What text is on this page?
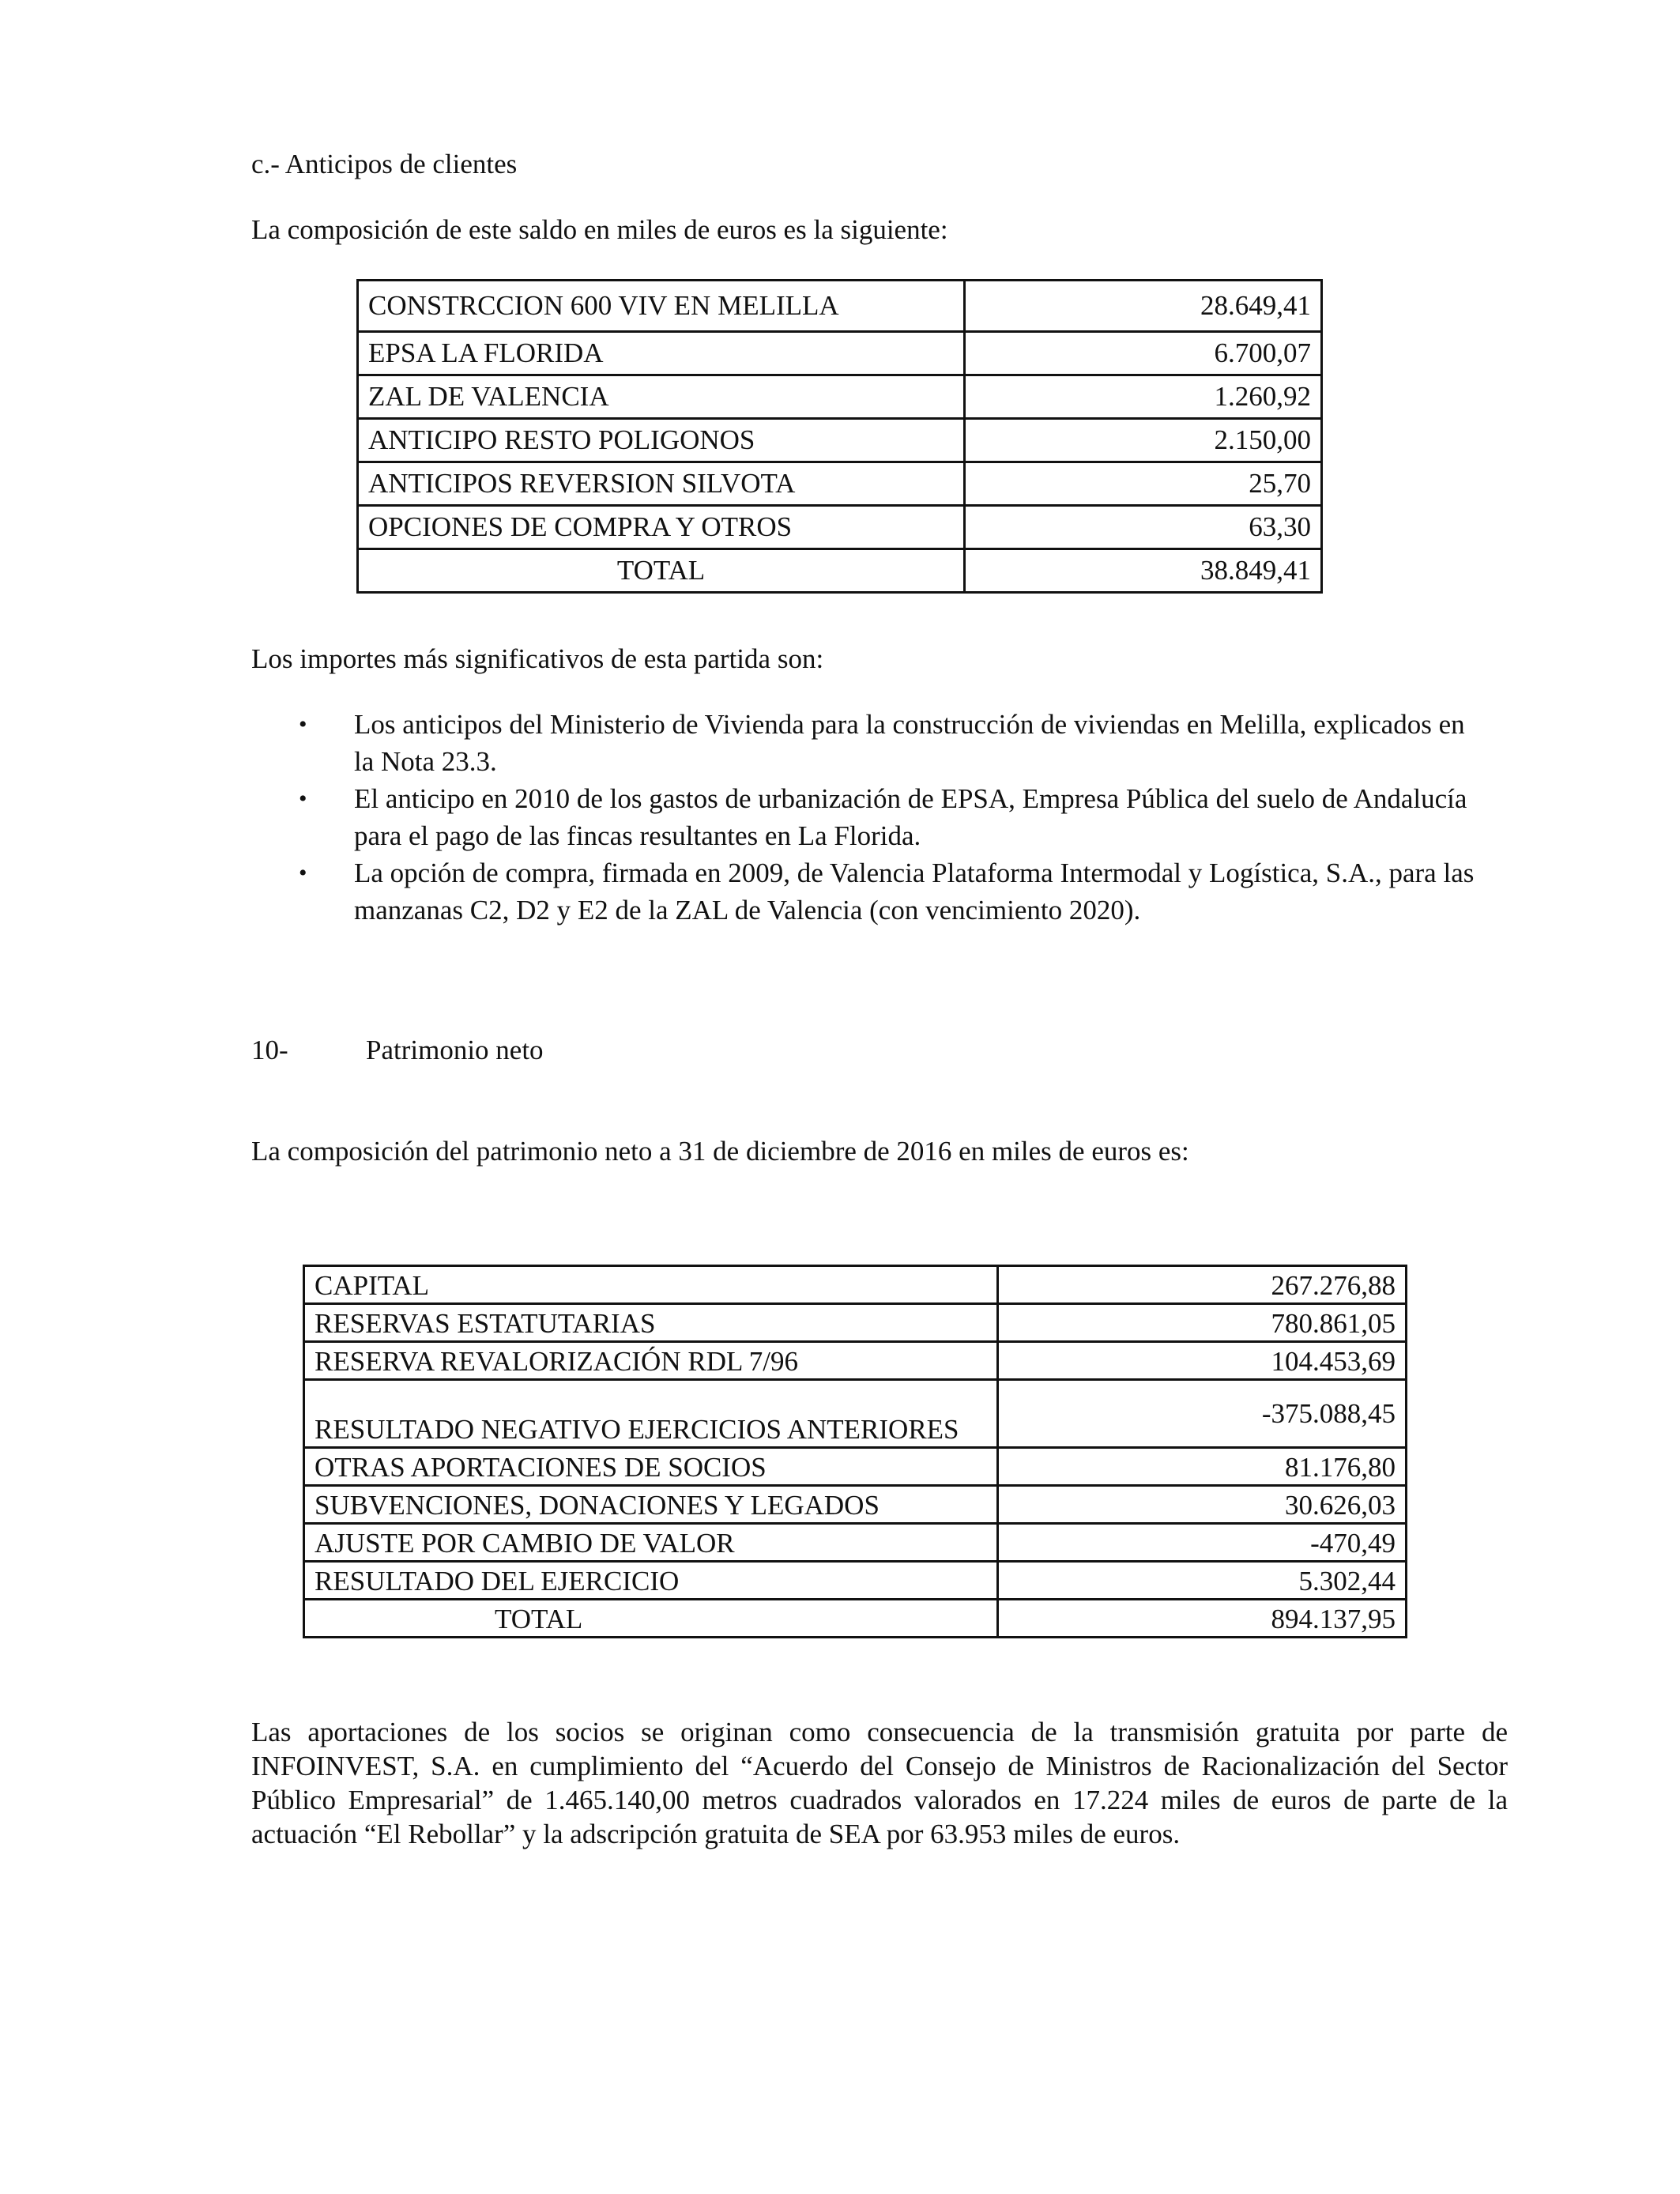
c.- Anticipos de clientes
La composición de este saldo en miles de euros es la siguiente:
CONSTRCCION 600 VIV EN MELILLA	28.649,41
EPSA LA FLORIDA	6.700,07
ZAL DE VALENCIA	1.260,92
ANTICIPO RESTO POLIGONOS	2.150,00
ANTICIPOS REVERSION SILVOTA	25,70
OPCIONES DE COMPRA Y OTROS	63,30
TOTAL	38.849,41
Los importes más significativos de esta partida son:
• Los anticipos del Ministerio de Vivienda para la construcción de viviendas en Melilla, explicados en
la Nota 23.3.
• El anticipo en 2010 de los gastos de urbanización de EPSA, Empresa Pública del suelo de Andalucía
para el pago de las fincas resultantes en La Florida.
• La opción de compra, firmada en 2009, de Valencia Plataforma Intermodal y Logística, S.A., para las
manzanas C2, D2 y E2 de la ZAL de Valencia (con vencimiento 2020).
10-	Patrimonio neto
La composición del patrimonio neto a 31 de diciembre de 2016 en miles de euros es:
CAPITAL	267.276,88
RESERVAS ESTATUTARIAS	780.861,05
RESERVA REVALORIZACIÓN RDL 7/96	104.453,69
RESULTADO NEGATIVO EJERCICIOS ANTERIORES	-375.088,45
OTRAS APORTACIONES DE SOCIOS	81.176,80
SUBVENCIONES, DONACIONES Y LEGADOS	30.626,03
AJUSTE POR CAMBIO DE VALOR	-470,49
RESULTADO DEL EJERCICIO	5.302,44
TOTAL	894.137,95
Las aportaciones de los socios se originan como consecuencia de la transmisión gratuita por parte de INFOINVEST, S.A. en cumplimiento del “Acuerdo del Consejo de Ministros de Racionalización del Sector Público Empresarial” de 1.465.140,00 metros cuadrados valorados en 17.224 miles de euros de parte de la actuación “El Rebollar” y la adscripción gratuita de SEA por 63.953 miles de euros.
